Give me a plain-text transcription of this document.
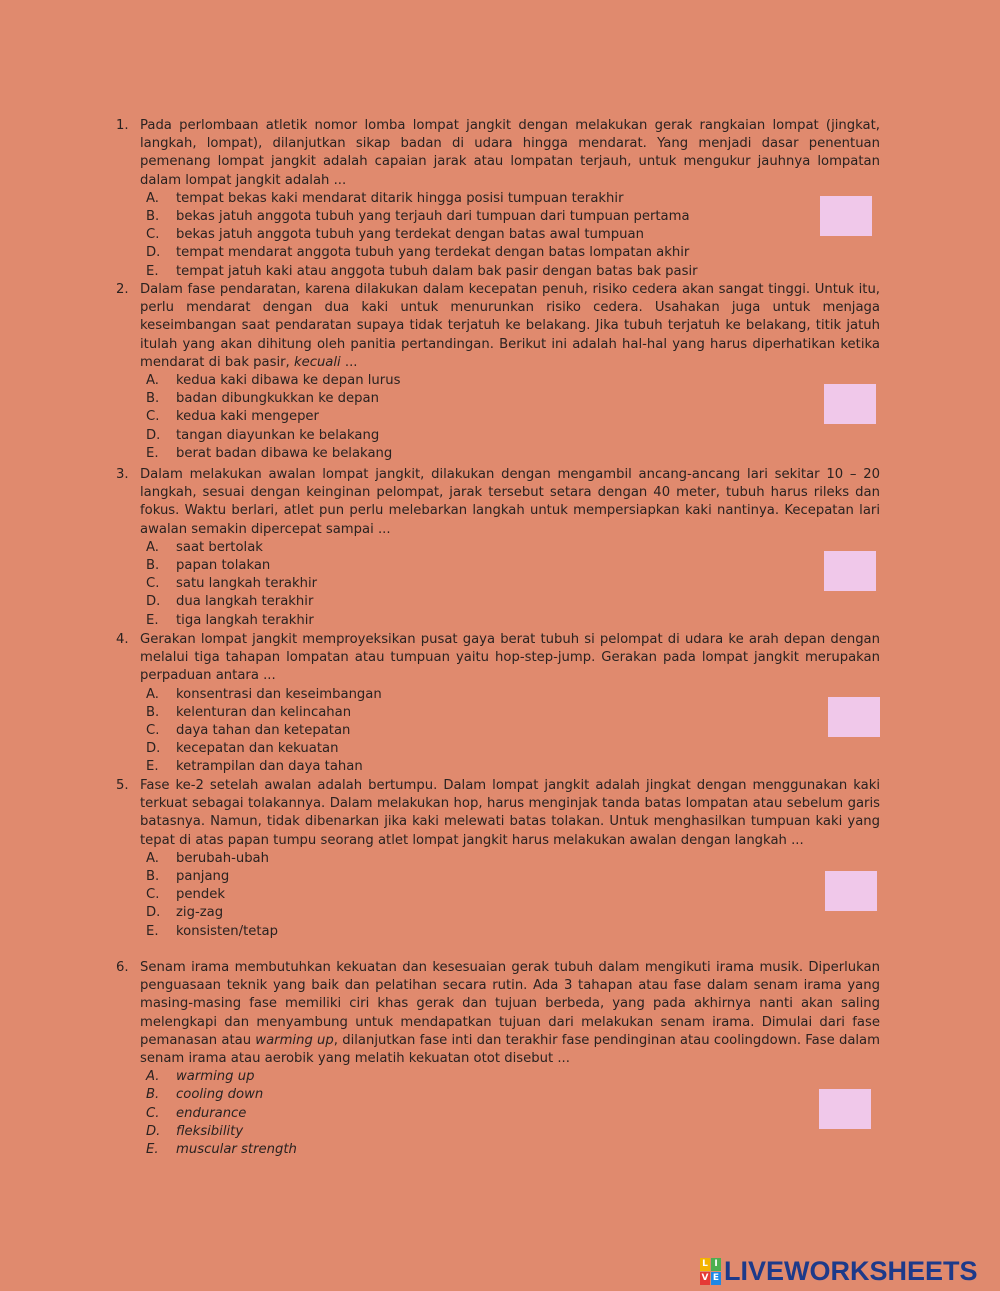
1. Pada perlombaan atletik nomor lomba lompat jangkit dengan melakukan gerak rangkaian lompat (jingkat, langkah, lompat), dilanjutkan sikap badan di udara hingga mendarat. Yang menjadi dasar penentuan pemenang lompat jangkit adalah capaian jarak atau lompatan terjauh, untuk mengukur jauhnya lompatan dalam lompat jangkit adalah ...
A.	tempat bekas kaki mendarat ditarik hingga posisi tumpuan terakhir
B.	bekas jatuh anggota tubuh yang terjauh dari tumpuan dari tumpuan pertama
C.	bekas jatuh anggota tubuh yang terdekat dengan batas awal tumpuan
D.	tempat mendarat anggota tubuh yang terdekat dengan batas lompatan akhir
E.	tempat jatuh kaki atau anggota tubuh dalam bak pasir dengan batas bak pasir
2. Dalam fase pendaratan, karena dilakukan dalam kecepatan penuh, risiko cedera akan sangat tinggi. Untuk itu, perlu mendarat dengan dua kaki untuk menurunkan risiko cedera. Usahakan juga untuk menjaga keseimbangan saat pendaratan supaya tidak terjatuh ke belakang. Jika tubuh terjatuh ke belakang, titik jatuh itulah yang akan dihitung oleh panitia pertandingan. Berikut ini adalah hal-hal yang harus diperhatikan ketika mendarat di bak pasir, kecuali ...
A.	kedua kaki dibawa ke depan lurus
B.	badan dibungkukkan ke depan
C.	kedua kaki mengeper
D.	tangan diayunkan ke belakang
E.	berat badan dibawa ke belakang
3. Dalam melakukan awalan lompat jangkit, dilakukan dengan mengambil ancang-ancang lari sekitar 10 – 20 langkah, sesuai dengan keinginan pelompat, jarak tersebut setara dengan 40 meter, tubuh harus rileks dan fokus. Waktu berlari, atlet pun perlu melebarkan langkah untuk mempersiapkan kaki nantinya. Kecepatan lari awalan semakin dipercepat sampai ...
A.	saat bertolak
B.	papan tolakan
C.	satu langkah terakhir
D.	dua langkah terakhir
E.	tiga langkah terakhir
4. Gerakan lompat jangkit memproyeksikan pusat gaya berat tubuh si pelompat di udara ke arah depan dengan melalui tiga tahapan lompatan atau tumpuan yaitu hop-step-jump. Gerakan pada lompat jangkit merupakan perpaduan antara ...
A.	konsentrasi dan keseimbangan
B.	kelenturan dan kelincahan
C.	daya tahan dan ketepatan
D.	kecepatan dan kekuatan
E.	ketrampilan dan daya tahan
5. Fase ke-2 setelah awalan adalah bertumpu. Dalam lompat jangkit adalah jingkat dengan menggunakan kaki terkuat sebagai tolakannya. Dalam melakukan hop, harus menginjak tanda batas lompatan atau sebelum garis batasnya. Namun, tidak dibenarkan jika kaki melewati batas tolakan. Untuk menghasilkan tumpuan kaki yang tepat di atas papan tumpu seorang atlet lompat jangkit harus melakukan awalan dengan langkah ...
A.	berubah-ubah
B.	panjang
C.	pendek
D.	zig-zag
E.	konsisten/tetap
6. Senam irama membutuhkan kekuatan dan kesesuaian gerak tubuh dalam mengikuti irama musik. Diperlukan penguasaan teknik yang baik dan pelatihan secara rutin. Ada 3 tahapan atau fase dalam senam irama yang masing-masing fase memiliki ciri khas gerak dan tujuan berbeda, yang pada akhirnya nanti akan saling melengkapi dan menyambung untuk mendapatkan tujuan dari melakukan senam irama. Dimulai dari fase pemanasan atau warming up, dilanjutkan fase inti dan terakhir fase pendinginan atau coolingdown. Fase dalam senam irama atau aerobik yang melatih kekuatan otot disebut ...
A.	warming up
B.	cooling down
C.	endurance
D.	fleksibility
E.	muscular strength
L I
V E LIVEWORKSHEETS
